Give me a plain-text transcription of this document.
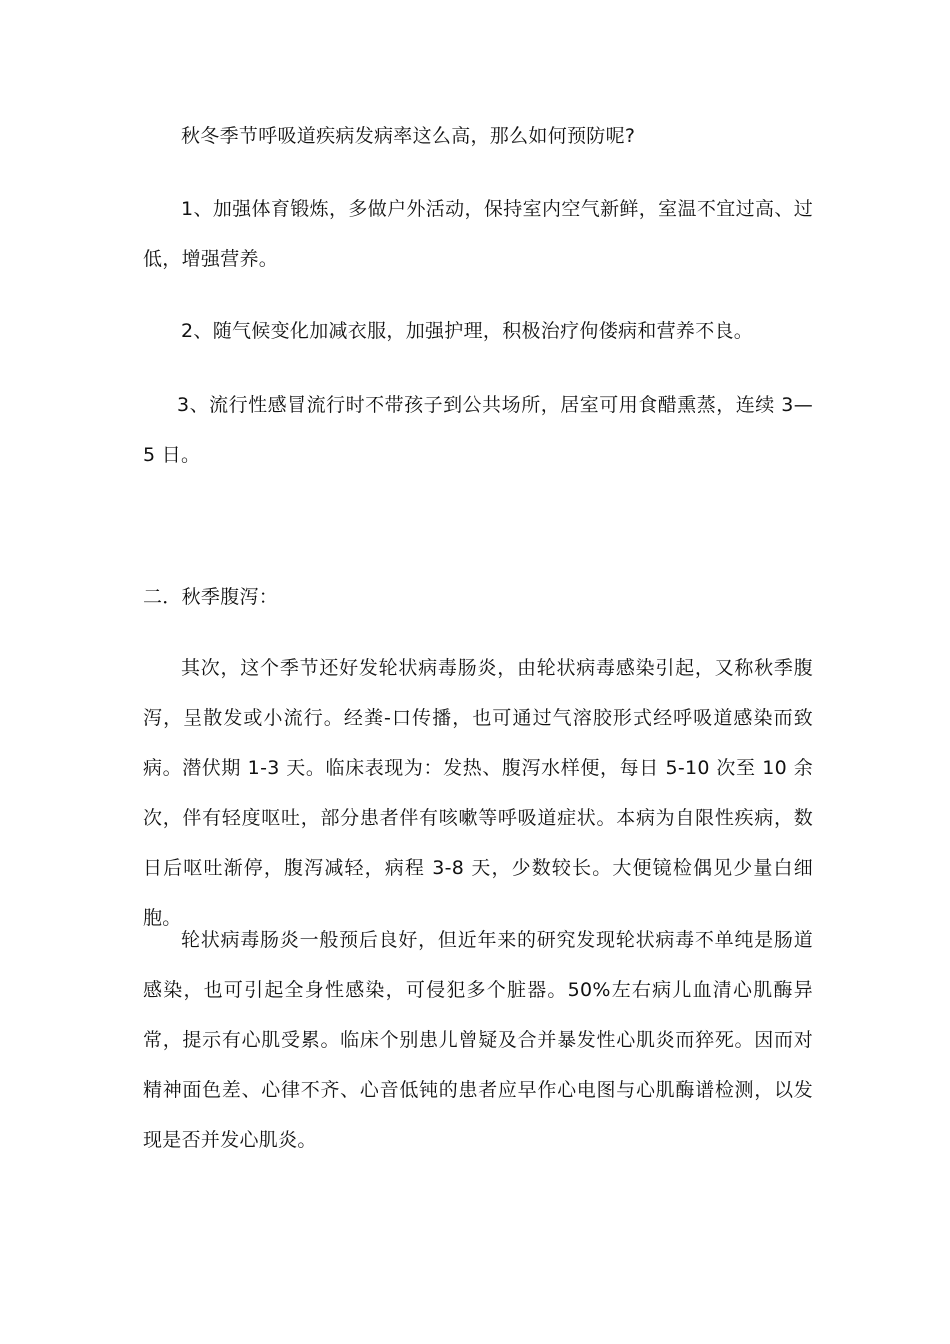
秋冬季节呼吸道疾病发病率这么高，那么如何预防呢?

1、加强体育锻炼，多做户外活动，保持室内空气新鲜，室温不宜过高、过低，增强营养。

2、随气候变化加减衣服，加强护理，积极治疗佝偻病和营养不良。

3、流行性感冒流行时不带孩子到公共场所，居室可用食醋熏蒸，连续 3—5 日。

二．秋季腹泻：

其次，这个季节还好发轮状病毒肠炎，由轮状病毒感染引起，又称秋季腹泻，呈散发或小流行。经粪-口传播，也可通过气溶胶形式经呼吸道感染而致病。潜伏期 1-3 天。临床表现为：发热、腹泻水样便，每日 5-10 次至 10 余次，伴有轻度呕吐，部分患者伴有咳嗽等呼吸道症状。本病为自限性疾病，数日后呕吐渐停，腹泻减轻，病程 3-8 天，少数较长。大便镜检偶见少量白细胞。

轮状病毒肠炎一般预后良好，但近年来的研究发现轮状病毒不单纯是肠道感染，也可引起全身性感染，可侵犯多个脏器。50%左右病儿血清心肌酶异常，提示有心肌受累。临床个别患儿曾疑及合并暴发性心肌炎而猝死。因而对精神面色差、心律不齐、心音低钝的患者应早作心电图与心肌酶谱检测，以发现是否并发心肌炎。
